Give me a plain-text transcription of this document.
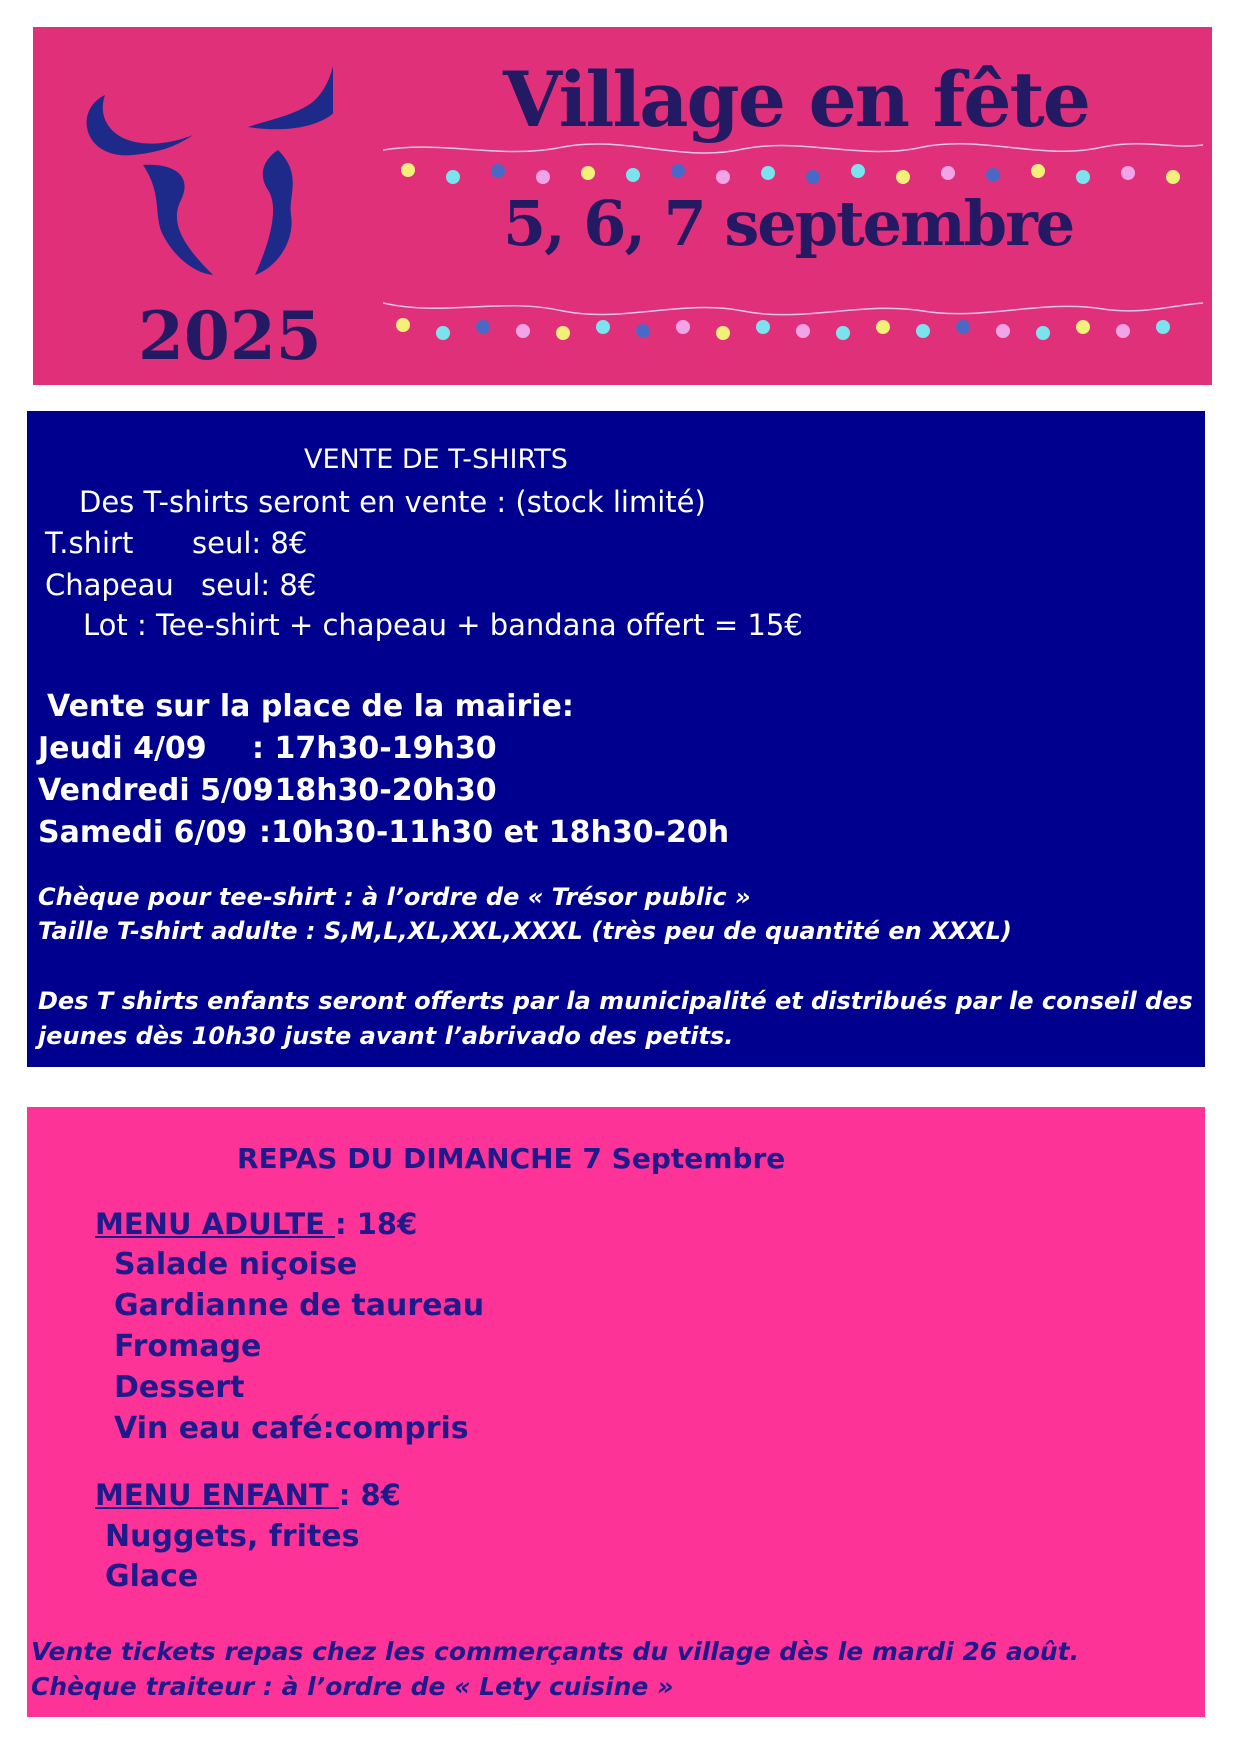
2025
Village en fête
5, 6, 7 septembre
VENTE DE T-SHIRTS
Des T-shirts seront en vente : (stock limité)
T.shirt seul: 8€
Chapeau seul: 8€
Lot : Tee-shirt + chapeau + bandana offert = 15€
Vente sur la place de la mairie:
Jeudi 4/09 : 17h30-19h30
Vendredi 5/09
: 18h30-20h30
Samedi 6/09 :10h30-11h30 et 18h30-20h
Chèque pour tee-shirt : à l’ordre de « Trésor public »
Taille T-shirt adulte : S,M,L,XL,XXL,XXXL (très peu de quantité en XXXL)
Des T shirts enfants seront offerts par la municipalité et distribués par le conseil des
jeunes dès 10h30 juste avant l’abrivado des petits.
REPAS DU DIMANCHE 7 Septembre
MENU ADULTE : 18€
Salade niçoise
Gardianne de taureau
Fromage
Dessert
Vin eau café:compris
MENU ENFANT : 8€
Nuggets, frites
Glace
Vente tickets repas chez les commerçants du village dès le mardi 26 août.
Chèque traiteur : à l’ordre de « Lety cuisine »
